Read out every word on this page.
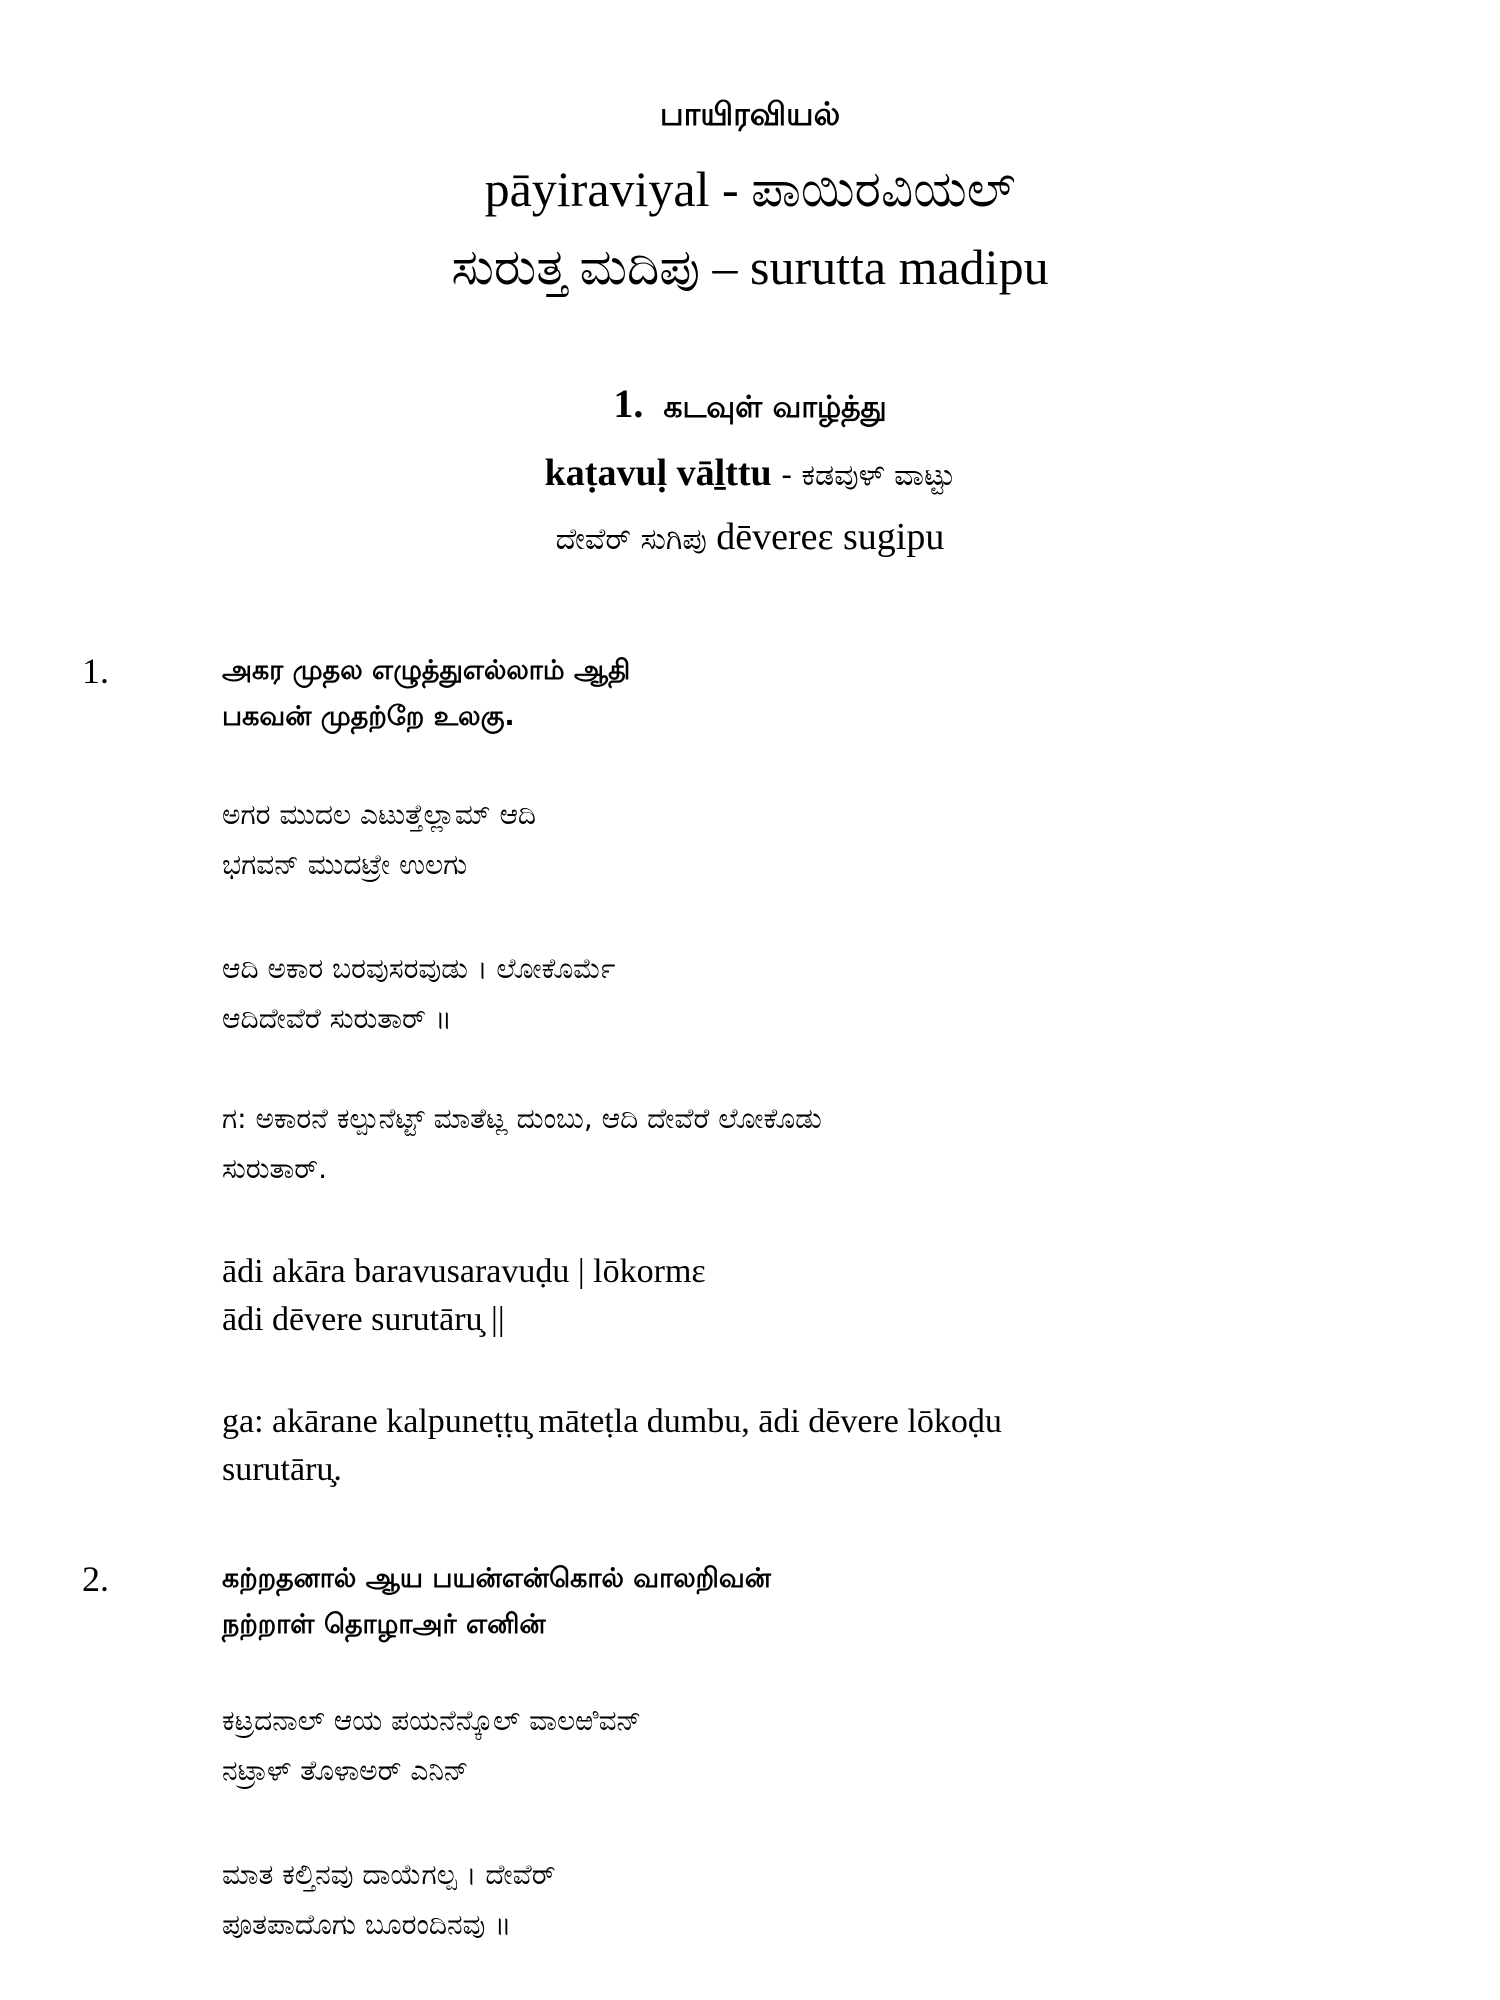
பாயிரவியல்
pāyiraviyal - ಪಾಯಿರವಿಯಲ್
ಸುರುತ್ತ ಮದಿಪು – surutta madipu
1. கடவுள் வாழ்த்து
kaṭavuḷ vāḻttu - ಕಡವುಳ್ ವಾಟ್ಟು
ದೇವೆರ್ ಸುಗಿಪು dēvereɛ sugipu
1.	அகர முதல எழுத்துஎல்லாம் ஆதி
பகவன் முதற்றே உலகு.
ಅಗರ ಮುದಲ ಎಟುತ್ತೆಲ್ಲಾಮ್ ಆದಿ
ಭಗವನ್ ಮುದಟ್ರೇ ಉಲಗು
ಆದಿ ಅಕಾರ ಬರವುಸರವುಡು । ಲೋಕೊರ್ಮೆ
ಆದಿದೇವೆರೆ ಸುರುತಾರ್ ॥
ಗ: ಅಕಾರನೆ ಕಲ್ಪುನೆಟ್ಟ್ ಮಾತೆಟ್ಲ ದುಂಬು, ಆದಿ ದೇವೆರೆ ಲೋಕೊಡು
ಸುರುತಾರ್.
ādi akāra baravusaravuḍu | lōkormɛ
ādi dēvere surutāru̧ ||
ga: akārane kalpuneṭṭu̧ māteṭla dumbu, ādi dēvere lōkoḍu
surutāru̧.
2.	கற்றதனால் ஆய பயன்என்கொல் வாலறிவன்
நற்றாள் தொழாஅர் எனின்
ಕಟ್ರದನಾಲ್ ಆಯ ಪಯನೆನ್ಕೊಲ್ ವಾಲಱಿವನ್
ನಟ್ರಾಳ್ ತೊಳಾಅರ್ ಎನಿನ್
ಮಾತ ಕಲ್ತಿನವು ದಾಯೆಗಲ್ಪ । ದೇವೆರ್
ಪೂತಪಾದೊಗು ಬೂರಂದಿನವು ॥
